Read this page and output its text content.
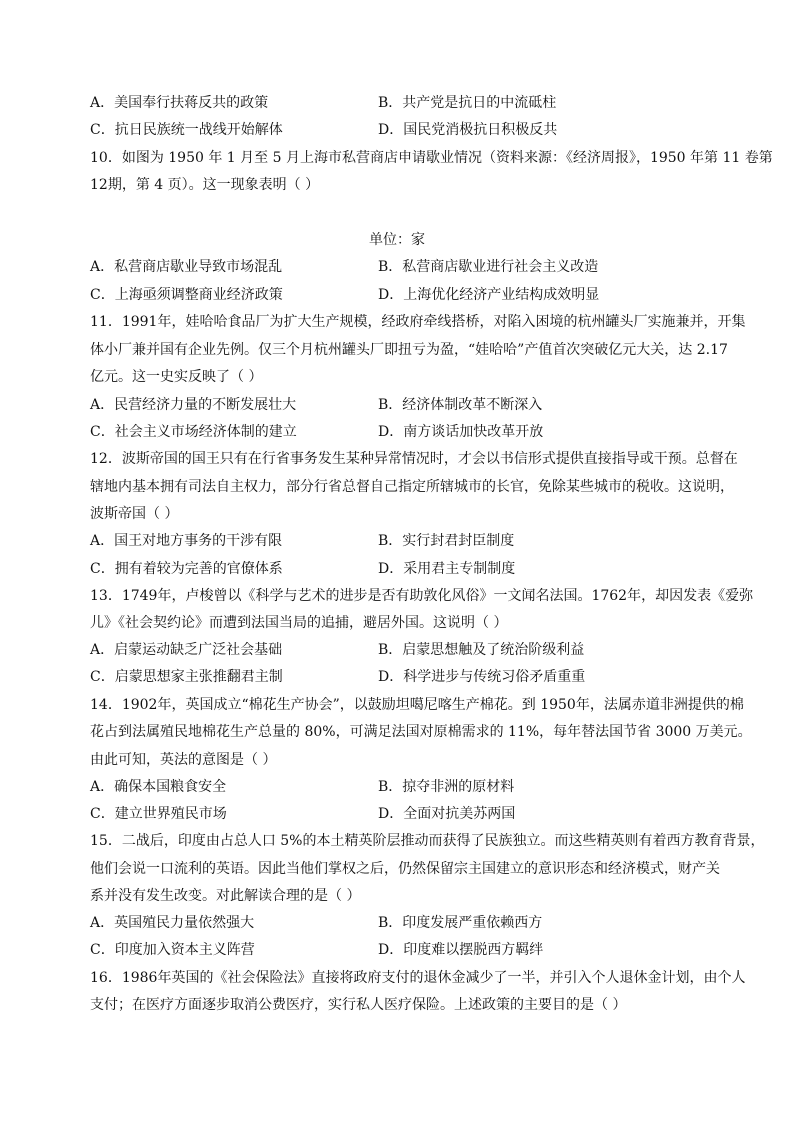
A．美国奉行扶蒋反共的政策	B．共产党是抗日的中流砥柱
C．抗日民族统一战线开始解体	D．国民党消极抗日积极反共
10．如图为 1950 年 1 月至 5 月上海市私营商店申请歇业情况（资料来源：《经济周报》，1950 年第 11 卷第
12期，第 4 页）。这一现象表明（ ）
单位：家
A．私营商店歇业导致市场混乱	B．私营商店歇业进行社会主义改造
C．上海亟须调整商业经济政策	D．上海优化经济产业结构成效明显
11．1991年，娃哈哈食品厂为扩大生产规模，经政府牵线搭桥，对陷入困境的杭州罐头厂实施兼并，开集
体小厂兼并国有企业先例。仅三个月杭州罐头厂即扭亏为盈，“娃哈哈”产值首次突破亿元大关，达 2.17
亿元。这一史实反映了（ ）
A．民营经济力量的不断发展壮大	B．经济体制改革不断深入
C．社会主义市场经济体制的建立	D．南方谈话加快改革开放
12．波斯帝国的国王只有在行省事务发生某种异常情况时，才会以书信形式提供直接指导或干预。总督在
辖地内基本拥有司法自主权力，部分行省总督自己指定所辖城市的长官，免除某些城市的税收。这说明，
波斯帝国（ ）
A．国王对地方事务的干涉有限	B．实行封君封臣制度
C．拥有着较为完善的官僚体系	D．采用君主专制制度
13．1749年，卢梭曾以《科学与艺术的进步是否有助敦化风俗》一文闻名法国。1762年，却因发表《爱弥
儿》《社会契约论》而遭到法国当局的追捕，避居外国。这说明（ ）
A．启蒙运动缺乏广泛社会基础	B．启蒙思想触及了统治阶级利益
C．启蒙思想家主张推翻君主制	D．科学进步与传统习俗矛盾重重
14．1902年，英国成立“棉花生产协会”，以鼓励坦噶尼喀生产棉花。到 1950年，法属赤道非洲提供的棉
花占到法属殖民地棉花生产总量的 80%，可满足法国对原棉需求的 11%，每年替法国节省 3000 万美元。
由此可知，英法的意图是（ ）
A．确保本国粮食安全	B．掠夺非洲的原材料
C．建立世界殖民市场	D．全面对抗美苏两国
15．二战后，印度由占总人口 5%的本土精英阶层推动而获得了民族独立。而这些精英则有着西方教育背景，
他们会说一口流利的英语。因此当他们掌权之后，仍然保留宗主国建立的意识形态和经济模式，财产关
系并没有发生改变。对此解读合理的是（ ）
A．英国殖民力量依然强大	B．印度发展严重依赖西方
C．印度加入资本主义阵营	D．印度难以摆脱西方羁绊
16．1986年英国的《社会保险法》直接将政府支付的退休金减少了一半，并引入个人退休金计划，由个人
支付；在医疗方面逐步取消公费医疗，实行私人医疗保险。上述政策的主要目的是（ ）
